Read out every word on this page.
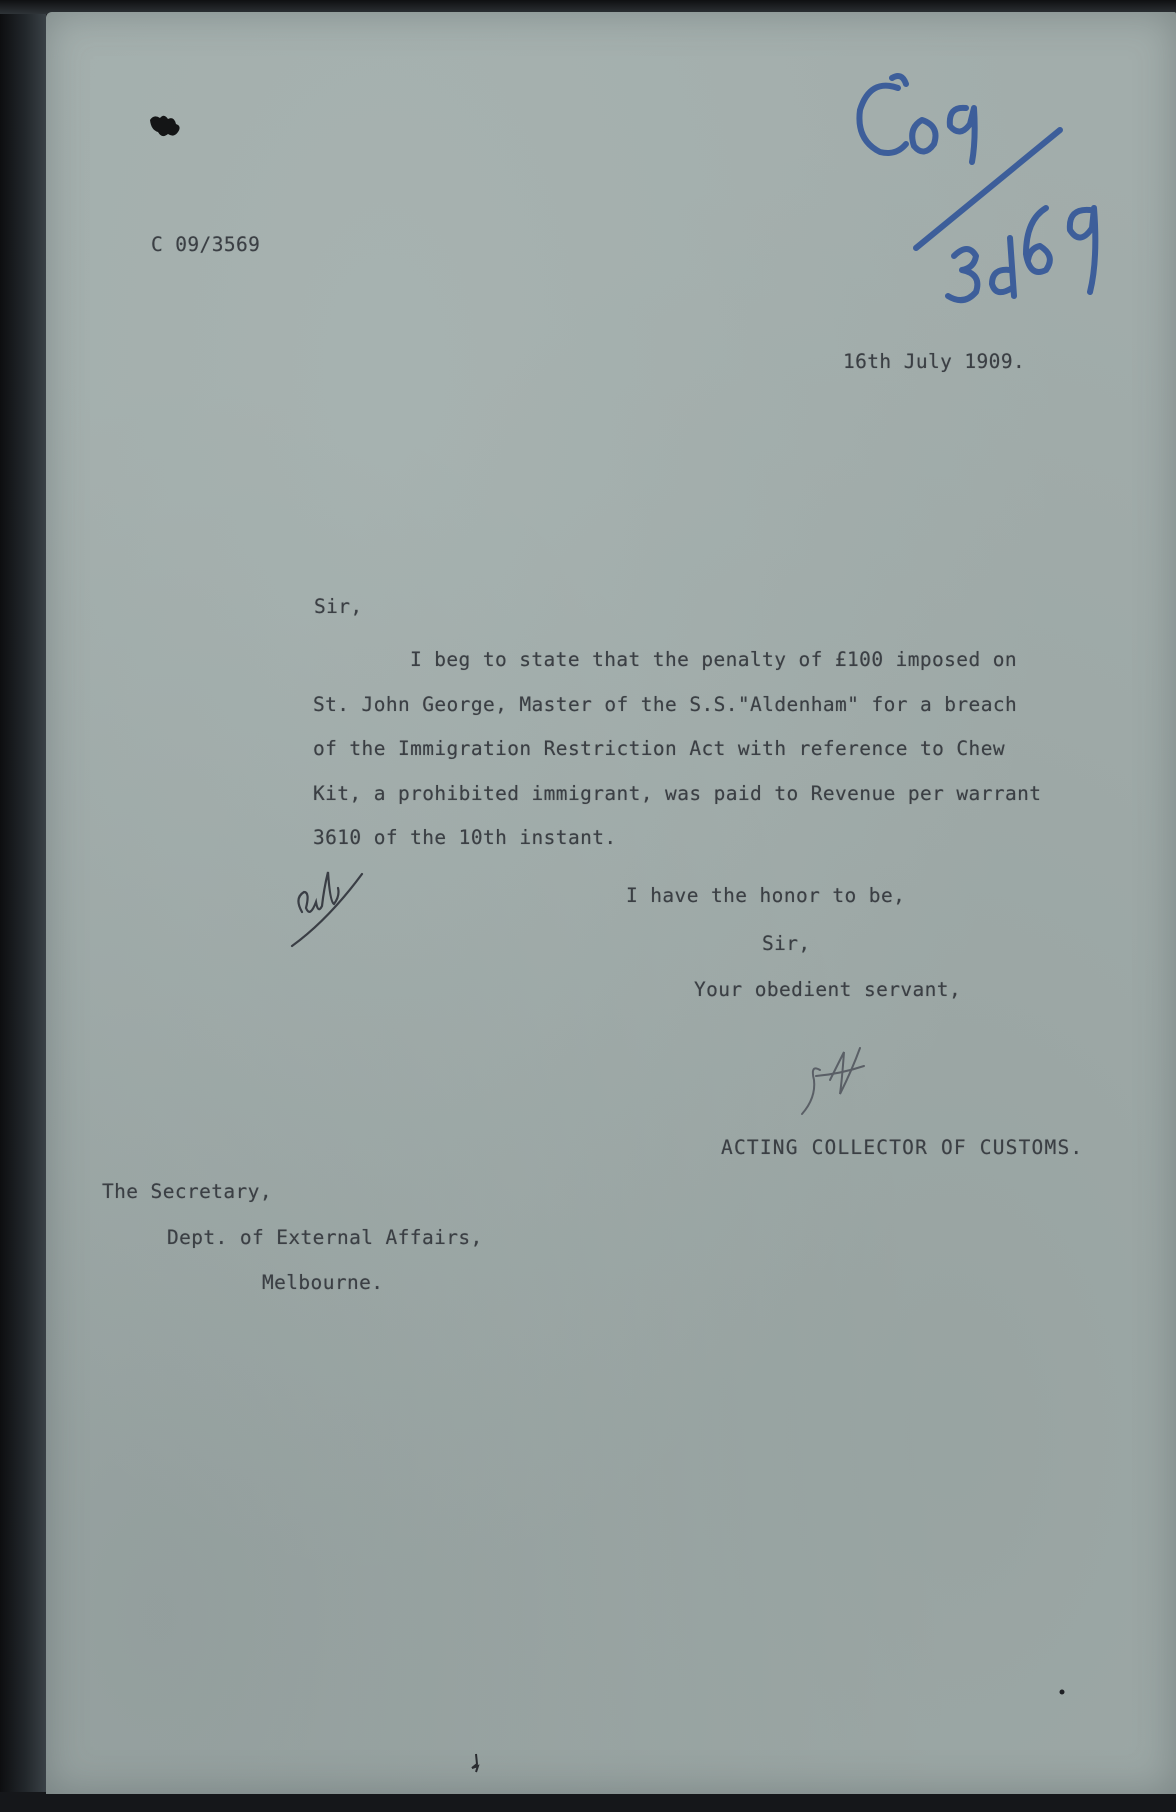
C 09/3569
16th July 1909.
Sir,
I beg to state that the penalty of £100 imposed on
St. John George, Master of the S.S."Aldenham" for a breach
of the Immigration Restriction Act with reference to Chew
Kit, a prohibited immigrant, was paid to Revenue per warrant
3610 of the 10th instant.
I have the honor to be,
Sir,
Your obedient servant,
ACTING COLLECTOR OF CUSTOMS.
The Secretary,
Dept. of External Affairs,
Melbourne.
